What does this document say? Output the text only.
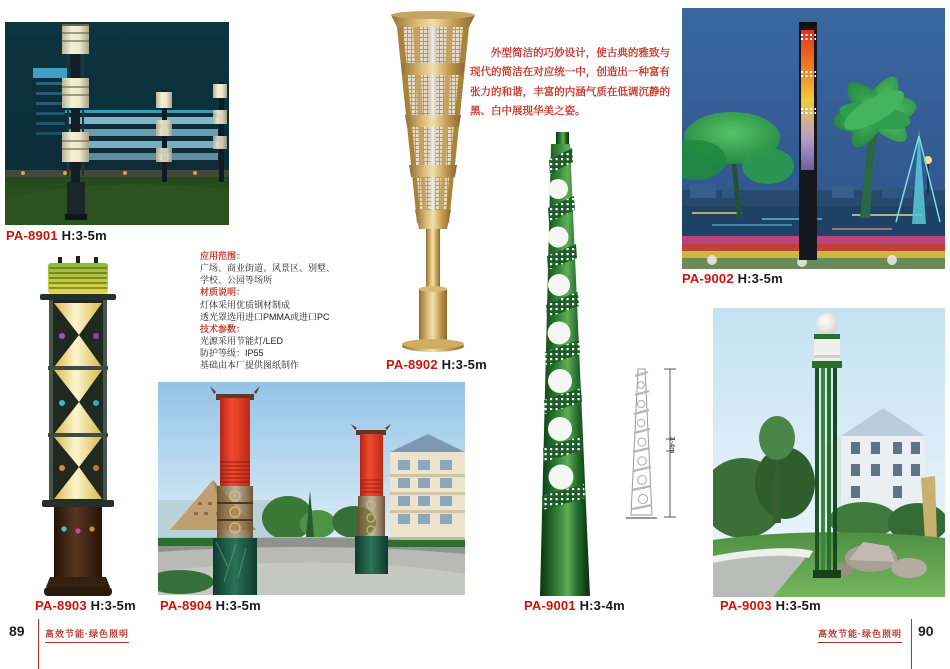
PA-8901 H:3-5m
PA-8902 H:3-5m
外型简洁的巧妙设计，使古典的雅致与现代的简洁在对应统一中，创造出一种富有张力的和谐，丰富的内涵气质在低调沉静的黑、白中展现华美之姿。
PA-9002 H:3-5m
应用范围：
广场、商业街道、风景区、别墅、
学校、公园等场所
材质说明：
灯体采用优质钢材制成
透光罩选用进口PMMA或进口PC
技术参数：
光源采用节能灯/LED
防护等级：IP55
基础由本厂提供图纸制作
PA-8903 H:3-5m PA-8904 H:3-5m	PA-9001 H:3-4m
3-4m
PA-9003 H:3-5m
89 高效节能·绿色照明	高效节能·绿色照明 90
